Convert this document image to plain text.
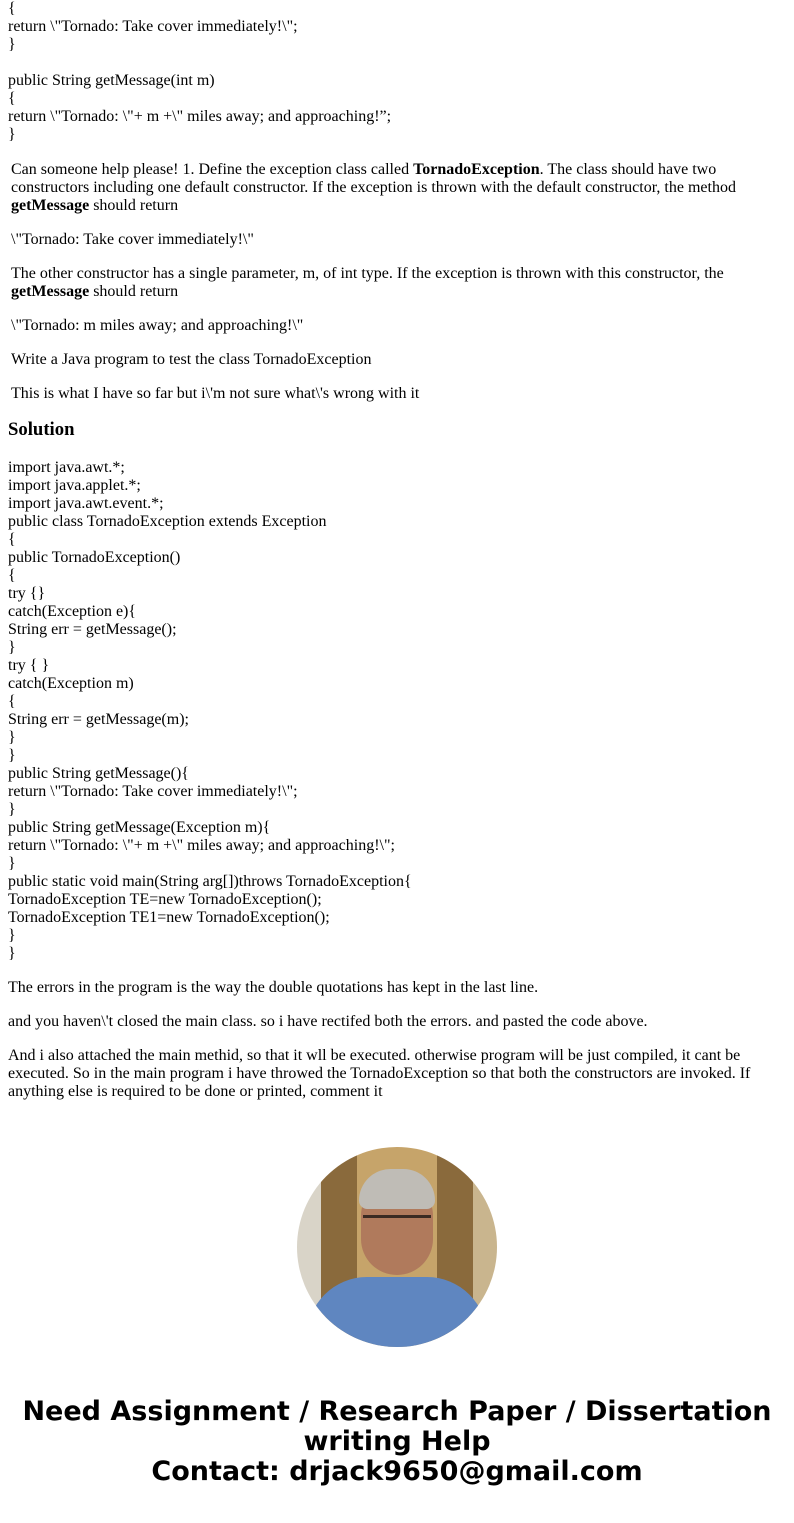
{
return \"Tornado: Take cover immediately!\";
}
public String getMessage(int m)
{
return \"Tornado: \"+ m +\" miles away; and approaching!”;
}

Can someone help please! 1. Define the exception class called TornadoException. The class should have two constructors including one default constructor. If the exception is thrown with the default constructor, the method getMessage should return

\"Tornado: Take cover immediately!\"

The other constructor has a single parameter, m, of int type. If the exception is thrown with this constructor, the getMessage should return

\"Tornado: m miles away; and approaching!\"

Write a Java program to test the class TornadoException

This is what I have so far but i\'m not sure what\'s wrong with it

Solution
import java.awt.*;
import java.applet.*;
import java.awt.event.*;
public class TornadoException extends Exception
{
public TornadoException()
{
try {}
catch(Exception e){
String err = getMessage();
}
try { }
catch(Exception m)
{
String err = getMessage(m);
}
}
public String getMessage(){
return \"Tornado: Take cover immediately!\";
}
public String getMessage(Exception m){
return \"Tornado: \"+ m +\" miles away; and approaching!\";
}
public static void main(String arg[])throws TornadoException{
TornadoException TE=new TornadoException();
TornadoException TE1=new TornadoException();
}
}

The errors in the program is the way the double quotations has kept in the last line.

and you haven\'t closed the main class. so i have rectifed both the errors. and pasted the code above.

And i also attached the main methid, so that it wll be executed. otherwise program will be just compiled, it cant be executed. So in the main program i have throwed the TornadoException so that both the constructors are invoked. If anything else is required to be done or printed, comment it

Need Assignment / Research Paper / Dissertation writing Help
Contact: drjack9650@gmail.com
